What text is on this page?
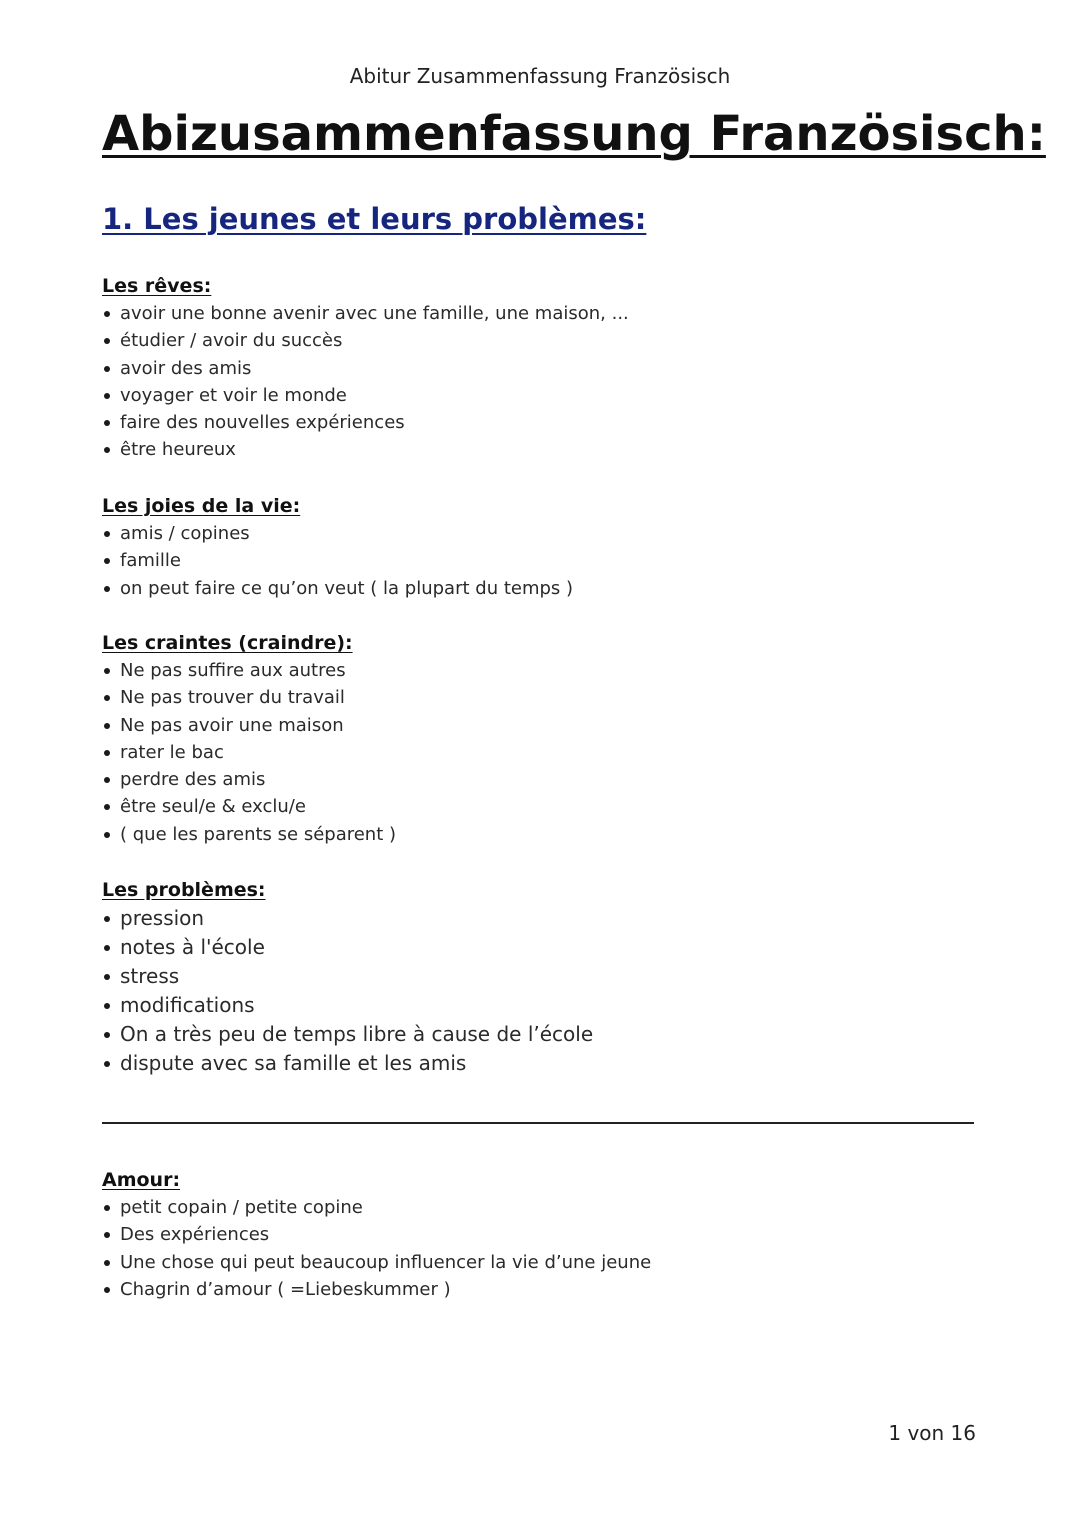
Abitur Zusammenfassung Französisch
Abizusammenfassung Französisch:
1. Les jeunes et leurs problèmes:
Les rêves:
avoir une bonne avenir avec une famille, une maison, ...
étudier / avoir du succès
avoir des amis
voyager et voir le monde
faire des nouvelles expériences
être heureux
Les joies de la vie:
amis / copines
famille
on peut faire ce qu’on veut ( la plupart du temps )
Les craintes (craindre):
Ne pas suffire aux autres
Ne pas trouver du travail
Ne pas avoir une maison
rater le bac
perdre des amis
être seul/e & exclu/e
( que les parents se séparent )
Les problèmes:
pression
notes à l'école
stress
modifications
On a très peu de temps libre à cause de l’école
dispute avec sa famille et les amis
Amour:
petit copain / petite copine
Des expériences
Une chose qui peut beaucoup influencer la vie d’une jeune
Chagrin d’amour ( =Liebeskummer )
1 von 16
